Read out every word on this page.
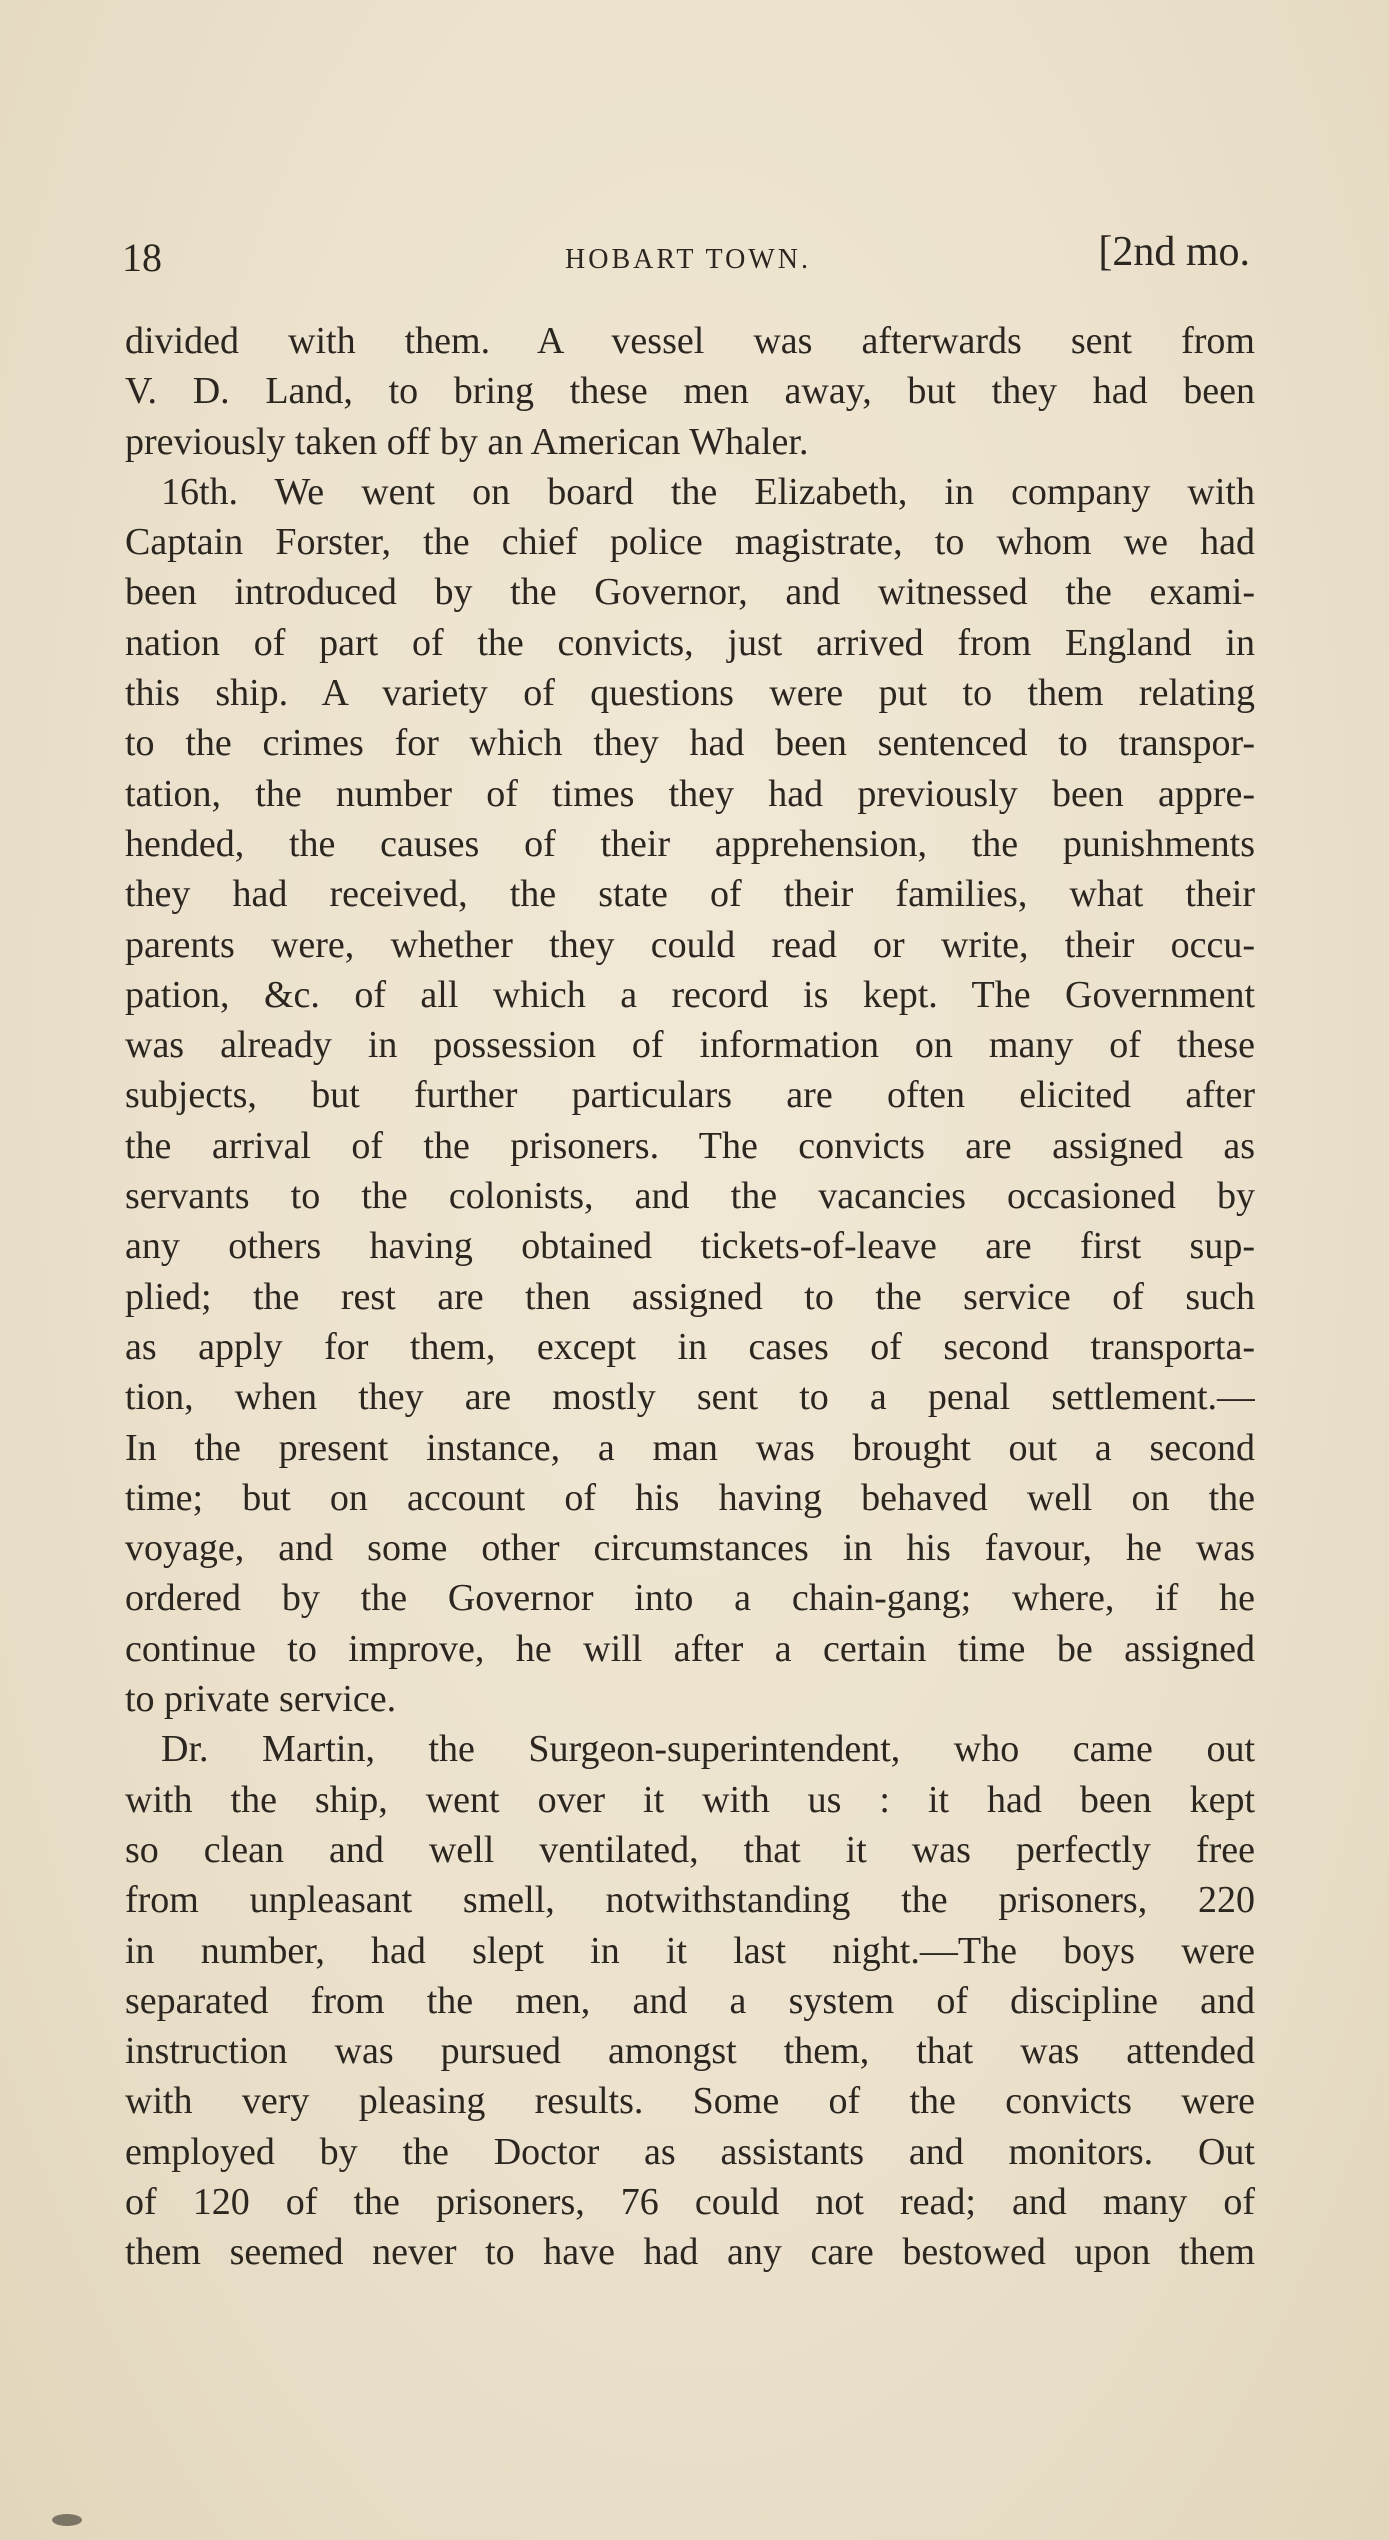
18	HOBART TOWN.	[2nd mo.
divided with them. A vessel was afterwards sent from
V. D. Land, to bring these men away, but they had been
previously taken off by an American Whaler.
16th. We went on board the Elizabeth, in company with
Captain Forster, the chief police magistrate, to whom we had
been introduced by the Governor, and witnessed the exami-
nation of part of the convicts, just arrived from England in
this ship. A variety of questions were put to them relating
to the crimes for which they had been sentenced to transpor-
tation, the number of times they had previously been appre-
hended, the causes of their apprehension, the punishments
they had received, the state of their families, what their
parents were, whether they could read or write, their occu-
pation, &c. of all which a record is kept. The Government
was already in possession of information on many of these
subjects, but further particulars are often elicited after
the arrival of the prisoners. The convicts are assigned as
servants to the colonists, and the vacancies occasioned by
any others having obtained tickets-of-leave are first sup-
plied; the rest are then assigned to the service of such
as apply for them, except in cases of second transporta-
tion, when they are mostly sent to a penal settlement.—
In the present instance, a man was brought out a second
time; but on account of his having behaved well on the
voyage, and some other circumstances in his favour, he was
ordered by the Governor into a chain-gang; where, if he
continue to improve, he will after a certain time be assigned
to private service.
Dr. Martin, the Surgeon-superintendent, who came out
with the ship, went over it with us : it had been kept
so clean and well ventilated, that it was perfectly free
from unpleasant smell, notwithstanding the prisoners, 220
in number, had slept in it last night.—The boys were
separated from the men, and a system of discipline and
instruction was pursued amongst them, that was attended
with very pleasing results. Some of the convicts were
employed by the Doctor as assistants and monitors. Out
of 120 of the prisoners, 76 could not read; and many of
them seemed never to have had any care bestowed upon them
